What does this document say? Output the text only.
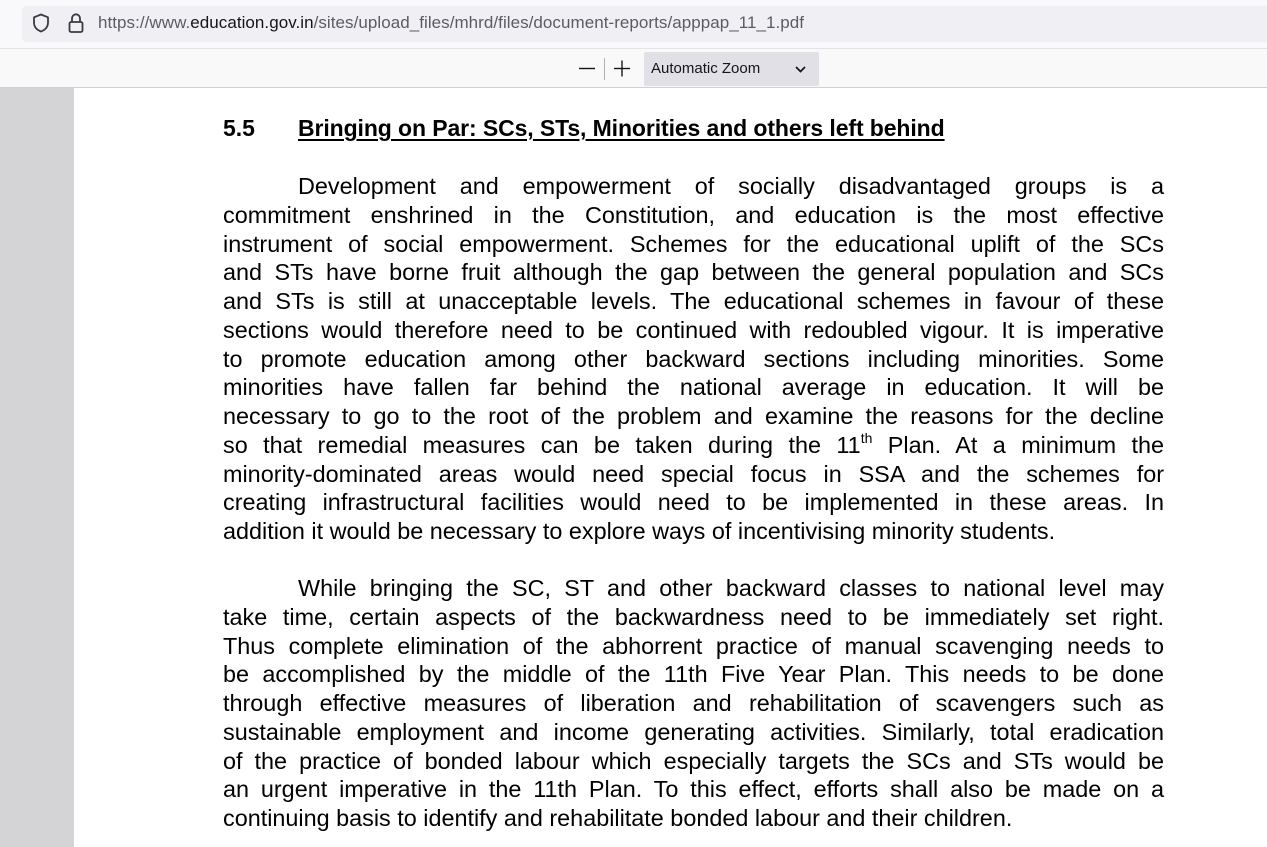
https://www.education.gov.in/sites/upload_files/mhrd/files/document-reports/apppap_11_1.pdf
Automatic Zoom
5.5 Bringing on Par: SCs, STs, Minorities and others left behind
Development and empowerment of socially disadvantaged groups is a
commitment enshrined in the Constitution, and education is the most effective
instrument of social empowerment. Schemes for the educational uplift of the SCs
and STs have borne fruit although the gap between the general population and SCs
and STs is still at unacceptable levels. The educational schemes in favour of these
sections would therefore need to be continued with redoubled vigour. It is imperative
to promote education among other backward sections including minorities. Some
minorities have fallen far behind the national average in education. It will be
necessary to go to the root of the problem and examine the reasons for the decline
so that remedial measures can be taken during the 11th Plan. At a minimum the
minority-dominated areas would need special focus in SSA and the schemes for
creating infrastructural facilities would need to be implemented in these areas. In
addition it would be necessary to explore ways of incentivising minority students.
While bringing the SC, ST and other backward classes to national level may
take time, certain aspects of the backwardness need to be immediately set right.
Thus complete elimination of the abhorrent practice of manual scavenging needs to
be accomplished by the middle of the 11th Five Year Plan. This needs to be done
through effective measures of liberation and rehabilitation of scavengers such as
sustainable employment and income generating activities. Similarly, total eradication
of the practice of bonded labour which especially targets the SCs and STs would be
an urgent imperative in the 11th Plan. To this effect, efforts shall also be made on a
continuing basis to identify and rehabilitate bonded labour and their children.
